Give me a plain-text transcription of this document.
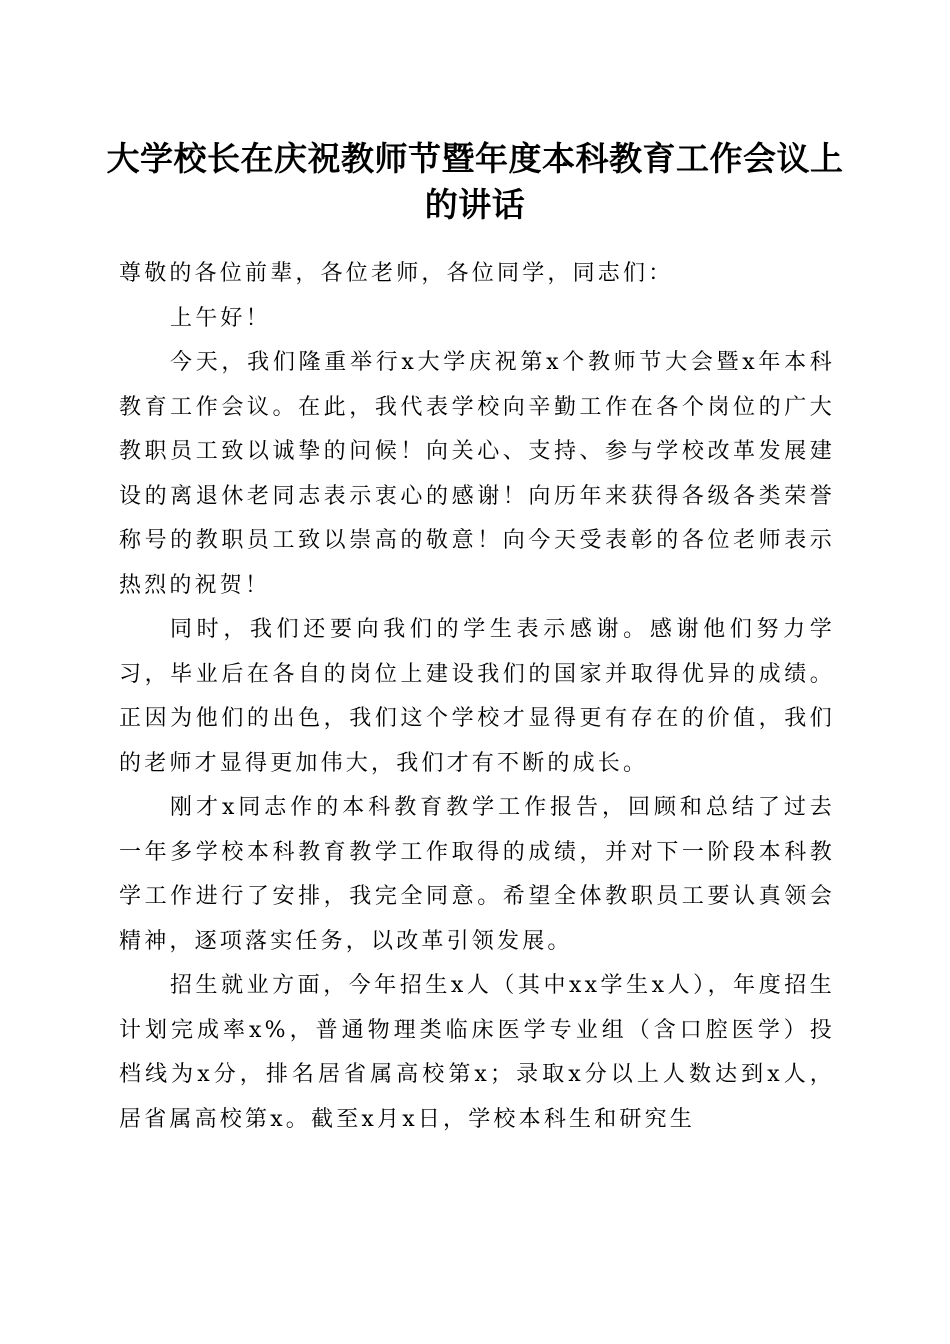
大学校长在庆祝教师节暨年度本科教育工作会议上的讲话

尊敬的各位前辈，各位老师，各位同学，同志们：

上午好！

今天，我们隆重举行x大学庆祝第x个教师节大会暨x年本科教育工作会议。在此，我代表学校向辛勤工作在各个岗位的广大教职员工致以诚挚的问候！向关心、支持、参与学校改革发展建设的离退休老同志表示衷心的感谢！向历年来获得各级各类荣誉称号的教职员工致以崇高的敬意！向今天受表彰的各位老师表示热烈的祝贺！

同时，我们还要向我们的学生表示感谢。感谢他们努力学习，毕业后在各自的岗位上建设我们的国家并取得优异的成绩。正因为他们的出色，我们这个学校才显得更有存在的价值，我们的老师才显得更加伟大，我们才有不断的成长。

刚才x同志作的本科教育教学工作报告，回顾和总结了过去一年多学校本科教育教学工作取得的成绩，并对下一阶段本科教学工作进行了安排，我完全同意。希望全体教职员工要认真领会精神，逐项落实任务，以改革引领发展。

招生就业方面，今年招生x人（其中xx学生x人），年度招生计划完成率x%，普通物理类临床医学专业组（含口腔医学）投档线为x分，排名居省属高校第x；录取x分以上人数达到x人，居省属高校第x。截至x月x日，学校本科生和研究生
